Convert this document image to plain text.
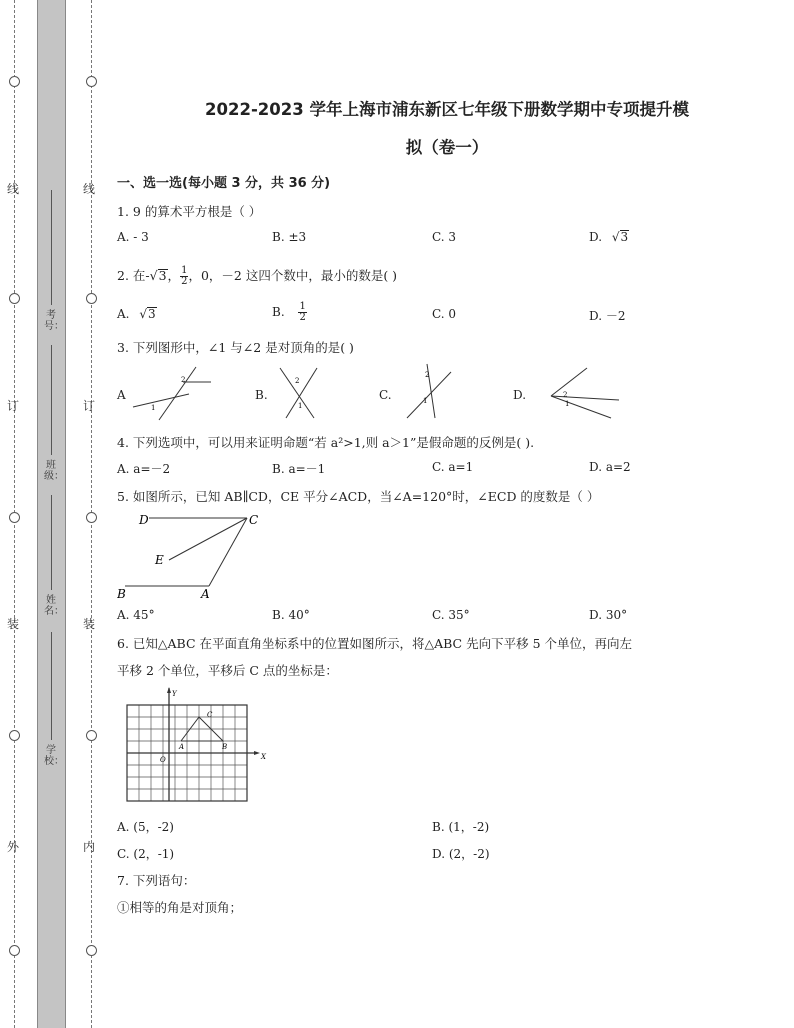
线
订
装
外
线
订
装
内
考号：
班级：
姓名：
学校：
2022-2023 学年上海市浦东新区七年级下册数学期中专项提升模
拟（卷一）
一、选一选(每小题 3 分，共 36 分)
1. 9 的算术平方根是（ ）
A. - 3	B. ±3	C. 3	D. √3
2. 在-√3， $\frac{1}{2}$ ，0，－2 这四个数中，最小的数是( )
A. √3	B. $\frac{1}{2}$	C. 0	D. －2
3. 下列图形中，∠1 与∠2 是对顶角的是( )
A
2
1
B.
2
1
C.
2
1	D.	2
1
4. 下列选项中，可以用来证明命题“若 a²>1,则 a＞1”是假命题的反例是( ).
A. a=－2	B. a=－1	C. a=1	D. a=2
5. 如图所示，已知 AB∥CD，CE 平分∠ACD，当∠A=120°时，∠ECD 的度数是（ ）
D	C
E
B	A
A. 45°	B. 40°	C. 35°	D. 30°
6. 已知△ABC 在平面直角坐标系中的位置如图所示，将△ABC 先向下平移 5 个单位，再向左
平移 2 个单位，平移后 C 点的坐标是：
Y
X
O
A	B
C
A. (5，-2)	B. (1，-2)
C. (2，-1)	D. (2，-2)
7. 下列语句：
①相等的角是对顶角；
